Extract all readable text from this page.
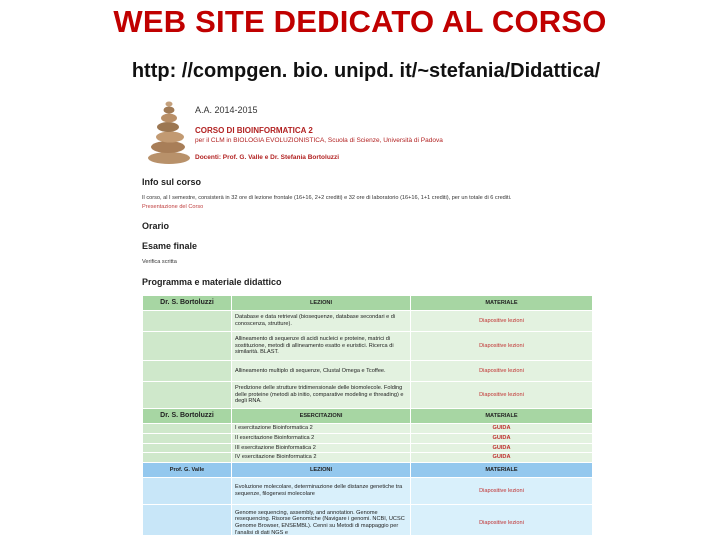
WEB SITE DEDICATO AL CORSO
http: //compgen. bio. unipd. it/~stefania/Didattica/
A.A. 2014-2015
CORSO DI BIOINFORMATICA 2
per il CLM in BIOLOGIA EVOLUZIONISTICA, Scuola di Scienze, Università di Padova
Docenti: Prof. G. Valle e Dr. Stefania Bortoluzzi
Info sul corso
Il corso, al I semestre, consisterà in 32 ore di lezione frontale (16+16, 2+2 crediti) e 32 ore di laboratorio (16+16, 1+1 crediti), per un totale di 6 crediti.
Presentazione del Corso
Orario
Esame finale
Verifica scritta
Programma e materiale didattico
Dr. S. Bortoluzzi	LEZIONI	MATERIALE
	Database e data retrieval (biosequenze, database secondari e di conoscenza, strutture).	Diapositive lezioni
	Allineamento di sequenze di acidi nucleici e proteine, matrici di sostituzione, metodi di allineamento esatto e euristici. Ricerca di similarità. BLAST.	Diapositive lezioni
	Allineamento multiplo di sequenze, Clustal Omega e Tcoffee.	Diapositive lezioni
	Predizione delle strutture tridimensionale delle biomolecole. Folding delle proteine (metodi ab initio, comparative modeling e threading) e degli RNA.	Diapositive lezioni
Dr. S. Bortoluzzi	ESERCITAZIONI	MATERIALE
	I esercitazione Bioinformatica 2	GUIDA
	II esercitazione Bioinformatica 2	GUIDA
	III esercitazione Bioinformatica 2	GUIDA
	IV esercitazione Bioinformatica 2	GUIDA
Prof. G. Valle	LEZIONI	MATERIALE
	Evoluzione molecolare, determinazione delle distanze genetiche tra sequenze, filogenesi molecolare	Diapositive lezioni
	Genome sequencing, assembly, and annotation. Genome resequencing. Risorse Genomiche (Navigare i genomi. NCBI, UCSC Genome Browser, ENSEMBL). Cenni su Metodi di mappaggio per l'analisi di dati NGS e	Diapositive lezioni
